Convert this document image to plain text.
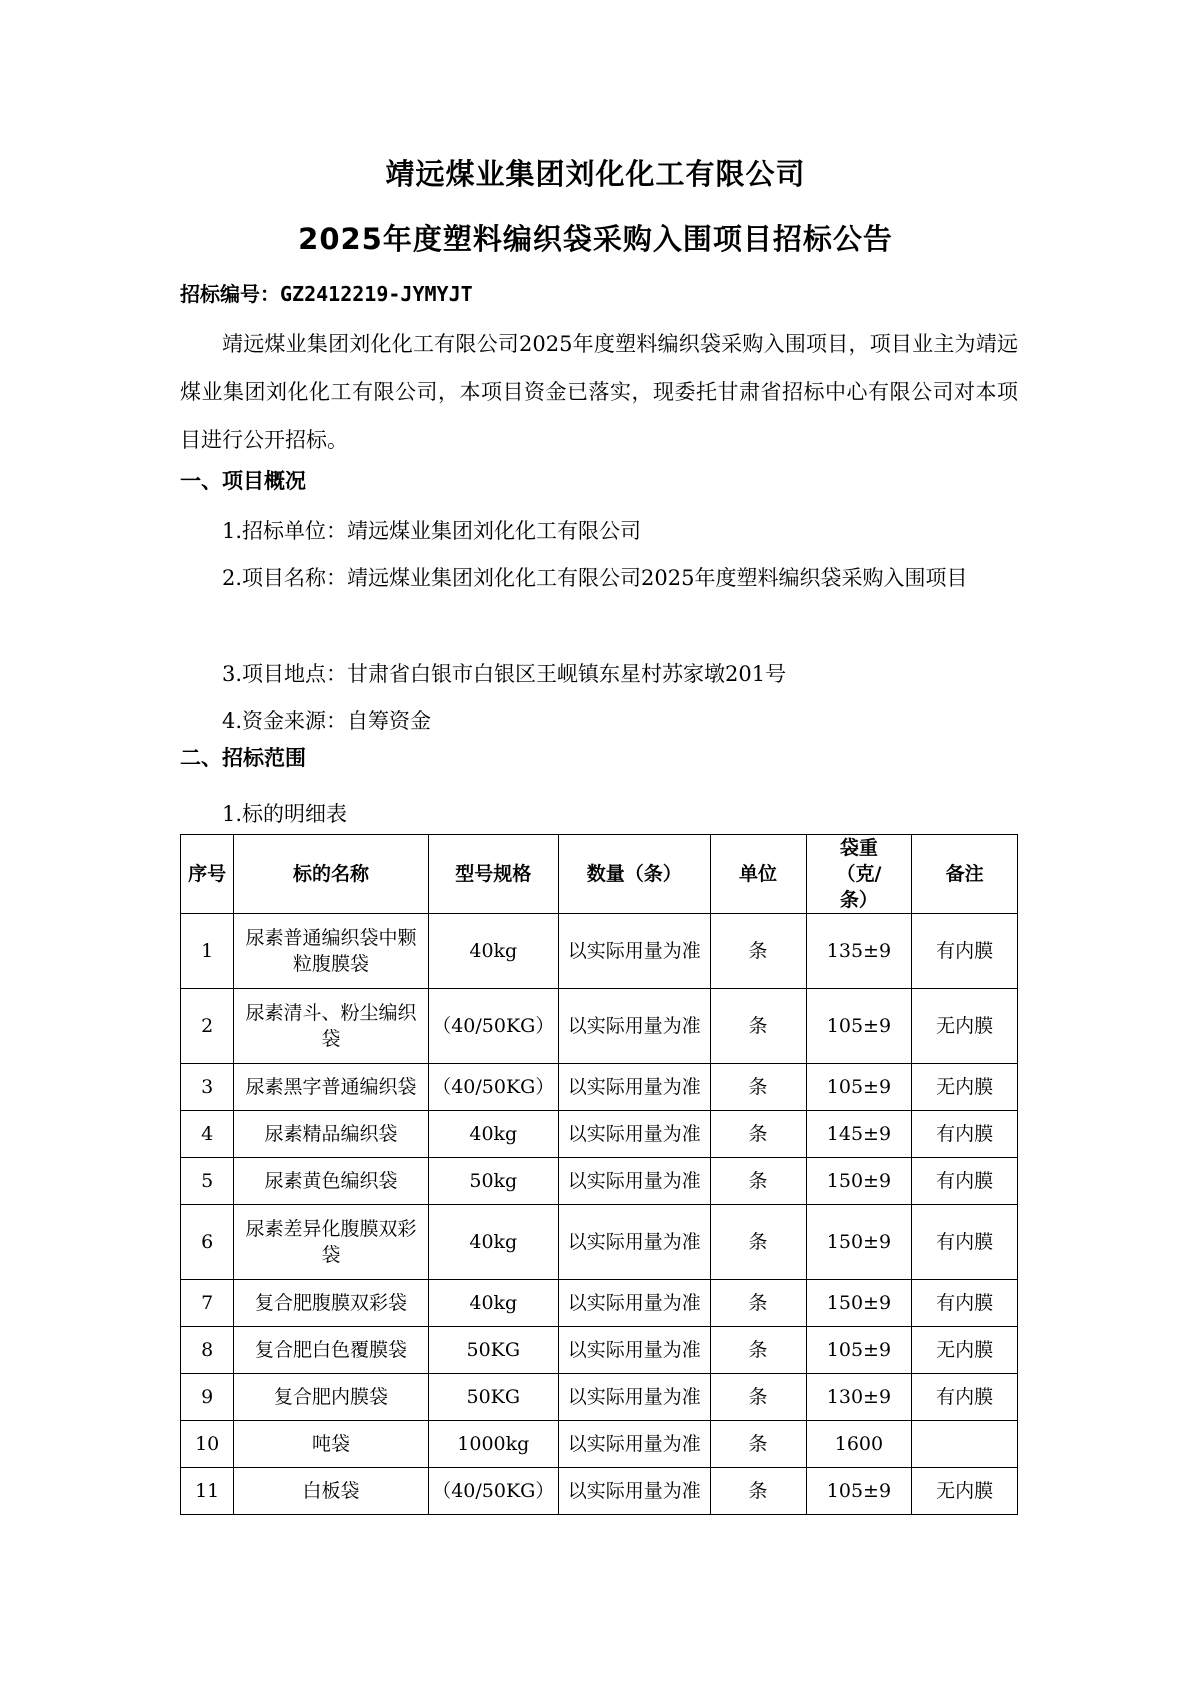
靖远煤业集团刘化化工有限公司
2025年度塑料编织袋采购入围项目招标公告
招标编号：GZ2412219-JYMYJT
靖远煤业集团刘化化工有限公司2025年度塑料编织袋采购入围项目，项目业主为靖远煤业集团刘化化工有限公司，本项目资金已落实，现委托甘肃省招标中心有限公司对本项目进行公开招标。
一、项目概况
1.招标单位：靖远煤业集团刘化化工有限公司
2.项目名称：靖远煤业集团刘化化工有限公司2025年度塑料编织袋采购入围项目
3.项目地点：甘肃省白银市白银区王岘镇东星村苏家墩201号
4.资金来源：自筹资金
二、招标范围
1.标的明细表
序号	标的名称	型号规格	数量（条）	单位	袋重（克/条）	备注
1	尿素普通编织袋中颗粒腹膜袋	40kg	以实际用量为准	条	135±9	有内膜
2	尿素清斗、粉尘编织袋	（40/50KG）	以实际用量为准	条	105±9	无内膜
3	尿素黑字普通编织袋	（40/50KG）	以实际用量为准	条	105±9	无内膜
4	尿素精品编织袋	40kg	以实际用量为准	条	145±9	有内膜
5	尿素黄色编织袋	50kg	以实际用量为准	条	150±9	有内膜
6	尿素差异化腹膜双彩袋	40kg	以实际用量为准	条	150±9	有内膜
7	复合肥腹膜双彩袋	40kg	以实际用量为准	条	150±9	有内膜
8	复合肥白色覆膜袋	50KG	以实际用量为准	条	105±9	无内膜
9	复合肥内膜袋	50KG	以实际用量为准	条	130±9	有内膜
10	吨袋	1000kg	以实际用量为准	条	1600	
11	白板袋	（40/50KG）	以实际用量为准	条	105±9	无内膜
